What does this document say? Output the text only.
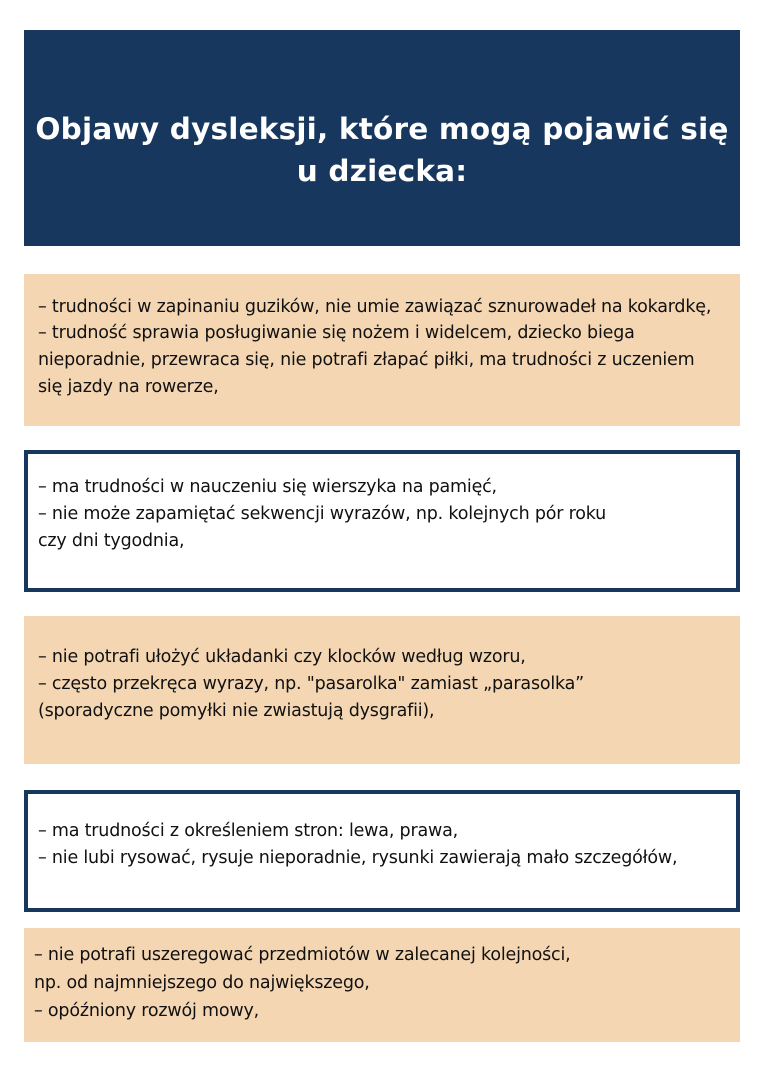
Objawy dysleksji, które mogą pojawić się
u dziecka:
– trudności w zapinaniu guzików, nie umie zawiązać sznurowadeł na kokardkę,
– trudność sprawia posługiwanie się nożem i widelcem, dziecko biega
nieporadnie, przewraca się, nie potrafi złapać piłki, ma trudności z uczeniem
się jazdy na rowerze,
– ma trudności w nauczeniu się wierszyka na pamięć,
– nie może zapamiętać sekwencji wyrazów, np. kolejnych pór roku
czy dni tygodnia,
– nie potrafi ułożyć układanki czy klocków według wzoru,
– często przekręca wyrazy, np. "pasarolka" zamiast „parasolka”
(sporadyczne pomyłki nie zwiastują dysgrafii),
– ma trudności z określeniem stron: lewa, prawa,
– nie lubi rysować, rysuje nieporadnie, rysunki zawierają mało szczegółów,
– nie potrafi uszeregować przedmiotów w zalecanej kolejności,
np. od najmniejszego do największego,
– opóźniony rozwój mowy,
